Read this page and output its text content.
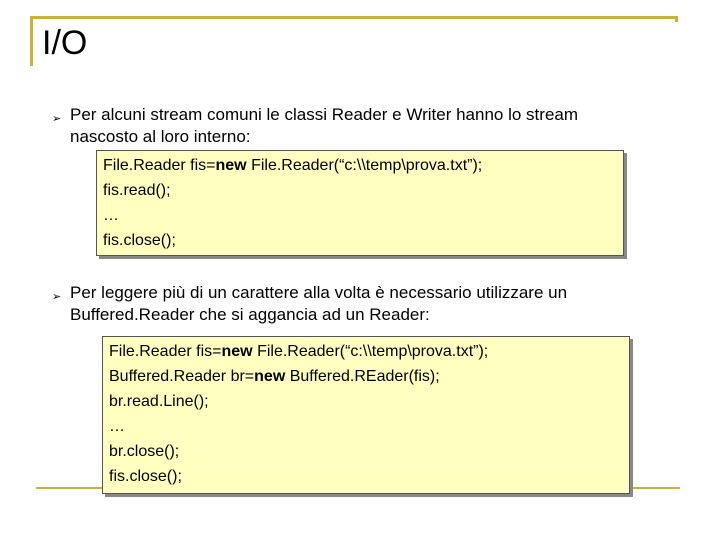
I/O
➢ Per alcuni stream comuni le classi Reader e Writer hanno lo stream
nascosto al loro interno:
File.Reader fis=new File.Reader(“c:\\temp\prova.txt”);
fis.read();
…
fis.close();
➢ Per leggere più di un carattere alla volta è necessario utilizzare un
Buffered.Reader che si aggancia ad un Reader:
File.Reader fis=new File.Reader(“c:\\temp\prova.txt”);
Buffered.Reader br=new Buffered.REader(fis);
br.read.Line();
…
br.close();
fis.close();
